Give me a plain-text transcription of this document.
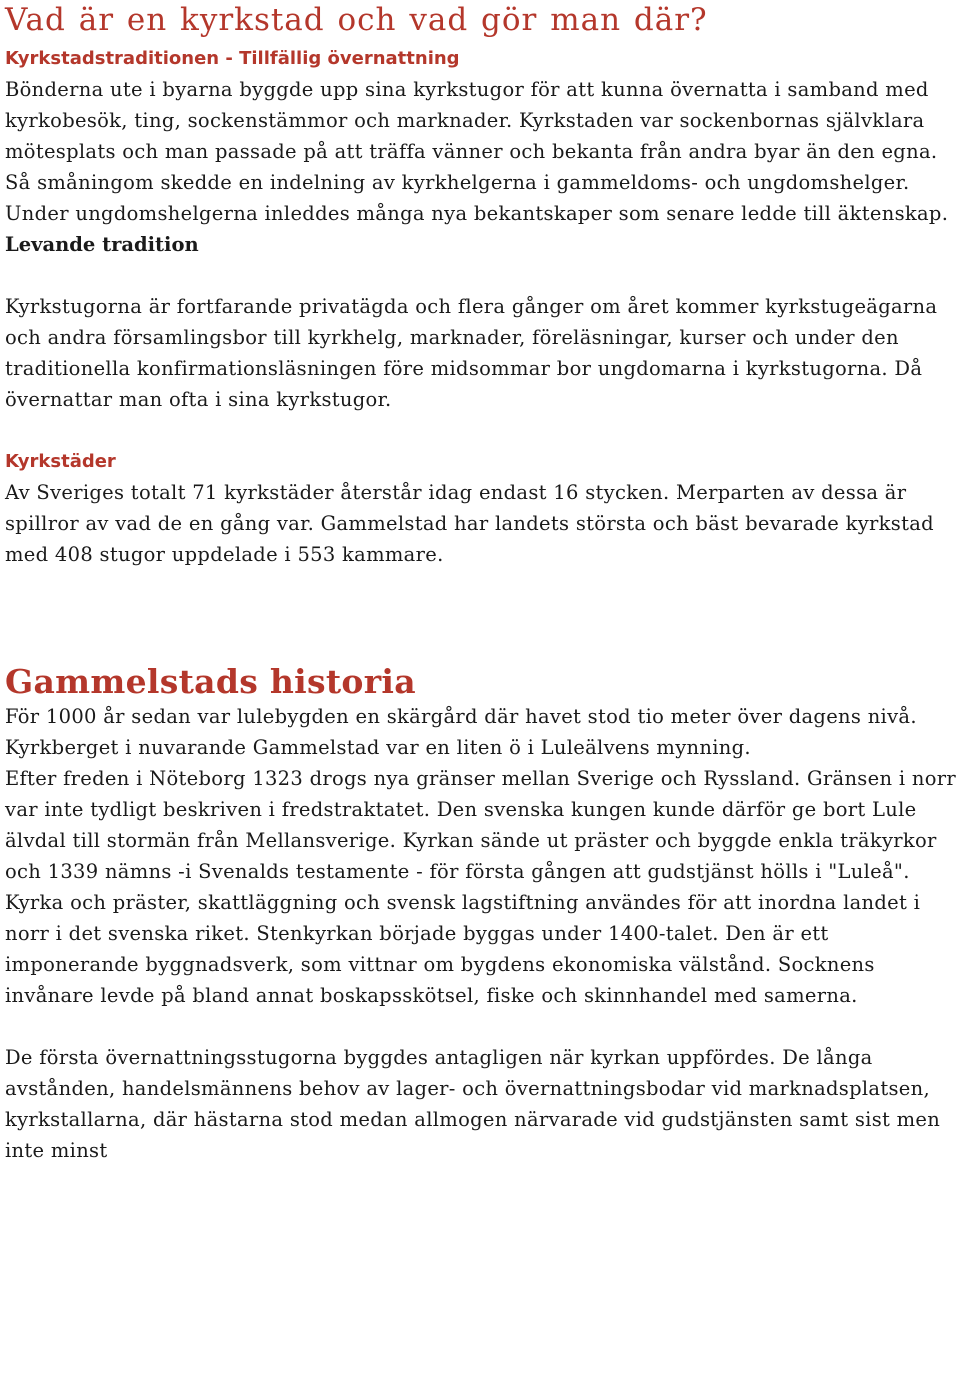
Vad är en kyrkstad och vad gör man där?
Kyrkstadstraditionen - Tillfällig övernattning

Bönderna ute i byarna byggde upp sina kyrkstugor för att kunna övernatta i samband med kyrkobesök, ting, sockenstämmor och marknader. Kyrkstaden var sockenbornas självklara mötesplats och man passade på att träffa vänner och bekanta från andra byar än den egna. Så småningom skedde en indelning av kyrkhelgerna i gammeldoms- och ungdomshelger. Under ungdomshelgerna inleddes många nya bekantskaper som senare ledde till äktenskap.

Levande tradition

Kyrkstugorna är fortfarande privatägda och flera gånger om året kommer kyrkstugeägarna och andra församlingsbor till kyrkhelg, marknader, föreläsningar, kurser och under den traditionella konfirmationsläsningen före midsommar bor ungdomarna i kyrkstugorna. Då övernattar man ofta i sina kyrkstugor.

Kyrkstäder

Av Sveriges totalt 71 kyrkstäder återstår idag endast 16 stycken. Merparten av dessa är spillror av vad de en gång var. Gammelstad har landets största och bäst bevarade kyrkstad med 408 stugor uppdelade i 553 kammare.

Gammelstads historia

För 1000 år sedan var lulebygden en skärgård där havet stod tio meter över dagens nivå. Kyrkberget i nuvarande Gammelstad var en liten ö i Luleälvens mynning.

Efter freden i Nöteborg 1323 drogs nya gränser mellan Sverige och Ryssland. Gränsen i norr var inte tydligt beskriven i fredstraktatet. Den svenska kungen kunde därför ge bort Lule älvdal till stormän från Mellansverige. Kyrkan sände ut präster och byggde enkla träkyrkor och 1339 nämns -i Svenalds testamente - för första gången att gudstjänst hölls i "Luleå".

Kyrka och präster, skattläggning och svensk lagstiftning användes för att inordna landet i norr i det svenska riket. Stenkyrkan började byggas under 1400-talet. Den är ett imponerande byggnadsverk, som vittnar om bygdens ekonomiska välstånd. Socknens invånare levde på bland annat boskapsskötsel, fiske och skinnhandel med samerna.

De första övernattningsstugorna byggdes antagligen när kyrkan uppfördes. De långa avstånden, handelsmännens behov av lager- och övernattningsbodar vid marknadsplatsen, kyrkstallarna, där hästarna stod medan allmogen närvarade vid gudstjänsten samt sist men inte minst
